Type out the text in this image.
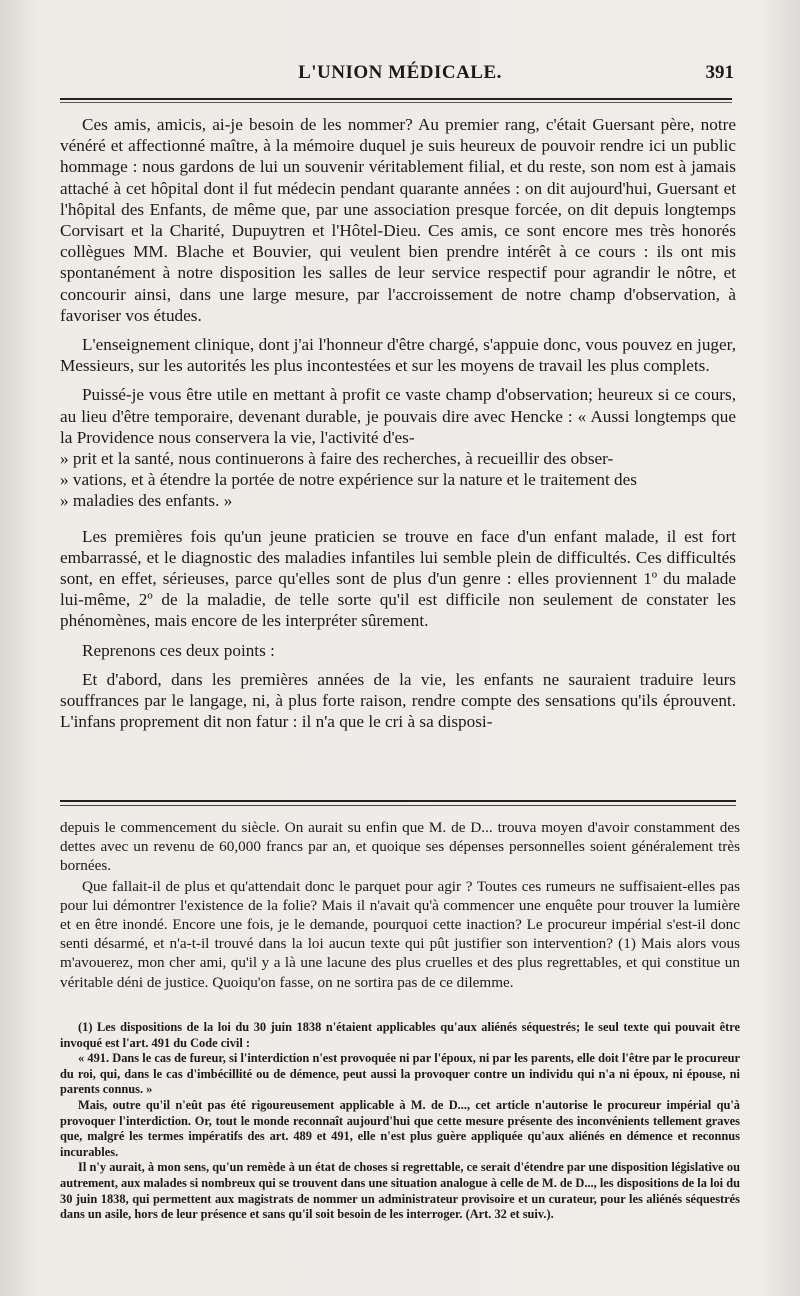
L'UNION MÉDICALE.	391

Ces amis, amicis, ai-je besoin de les nommer? Au premier rang, c'était Guersant père, notre vénéré et affectionné maître, à la mémoire duquel je suis heureux de pouvoir rendre ici un public hommage : nous gardons de lui un souvenir véritablement filial, et du reste, son nom est à jamais attaché à cet hôpital dont il fut médecin pendant quarante années : on dit aujourd'hui, Guersant et l'hôpital des Enfants, de même que, par une association presque forcée, on dit depuis longtemps Corvisart et la Charité, Dupuytren et l'Hôtel-Dieu. Ces amis, ce sont encore mes très honorés collègues MM. Blache et Bouvier, qui veulent bien prendre intérêt à ce cours : ils ont mis spontanément à notre disposition les salles de leur service respectif pour agrandir le nôtre, et concourir ainsi, dans une large mesure, par l'accroissement de notre champ d'observation, à favoriser vos études.

L'enseignement clinique, dont j'ai l'honneur d'être chargé, s'appuie donc, vous pouvez en juger, Messieurs, sur les autorités les plus incontestées et sur les moyens de travail les plus complets.

Puissé-je vous être utile en mettant à profit ce vaste champ d'observation; heureux si ce cours, au lieu d'être temporaire, devenant durable, je pouvais dire avec Hencke : « Aussi longtemps que la Providence nous conservera la vie, l'activité d'es-

» prit et la santé, nous continuerons à faire des recherches, à recueillir des obser-

» vations, et à étendre la portée de notre expérience sur la nature et le traitement des

» maladies des enfants. »

Les premières fois qu'un jeune praticien se trouve en face d'un enfant malade, il est fort embarrassé, et le diagnostic des maladies infantiles lui semble plein de difficultés. Ces difficultés sont, en effet, sérieuses, parce qu'elles sont de plus d'un genre : elles proviennent 1º du malade lui-même, 2º de la maladie, de telle sorte qu'il est difficile non seulement de constater les phénomènes, mais encore de les interpréter sûrement.

Reprenons ces deux points :

Et d'abord, dans les premières années de la vie, les enfants ne sauraient traduire leurs souffrances par le langage, ni, à plus forte raison, rendre compte des sensations qu'ils éprouvent. L'infans proprement dit non fatur : il n'a que le cri à sa disposi-

depuis le commencement du siècle. On aurait su enfin que M. de D... trouva moyen d'avoir constamment des dettes avec un revenu de 60,000 francs par an, et quoique ses dépenses personnelles soient généralement très bornées.

Que fallait-il de plus et qu'attendait donc le parquet pour agir ? Toutes ces rumeurs ne suffisaient-elles pas pour lui démontrer l'existence de la folie? Mais il n'avait qu'à commencer une enquête pour trouver la lumière et en être inondé. Encore une fois, je le demande, pourquoi cette inaction? Le procureur impérial s'est-il donc senti désarmé, et n'a-t-il trouvé dans la loi aucun texte qui pût justifier son intervention? (1) Mais alors vous m'avouerez, mon cher ami, qu'il y a là une lacune des plus cruelles et des plus regrettables, et qui constitue un véritable déni de justice. Quoiqu'on fasse, on ne sortira pas de ce dilemme.

(1) Les dispositions de la loi du 30 juin 1838 n'étaient applicables qu'aux aliénés séquestrés; le seul texte qui pouvait être invoqué est l'art. 491 du Code civil :

« 491. Dans le cas de fureur, si l'interdiction n'est provoquée ni par l'époux, ni par les parents, elle doit l'être par le procureur du roi, qui, dans le cas d'imbécillité ou de démence, peut aussi la provoquer contre un individu qui n'a ni époux, ni épouse, ni parents connus. »

Mais, outre qu'il n'eût pas été rigoureusement applicable à M. de D..., cet article n'autorise le procureur impérial qu'à provoquer l'interdiction. Or, tout le monde reconnaît aujourd'hui que cette mesure présente des inconvénients tellement graves que, malgré les termes impératifs des art. 489 et 491, elle n'est plus guère appliquée qu'aux aliénés en démence et reconnus incurables.

Il n'y aurait, à mon sens, qu'un remède à un état de choses si regrettable, ce serait d'étendre par une disposition législative ou autrement, aux malades si nombreux qui se trouvent dans une situation analogue à celle de M. de D..., les dispositions de la loi du 30 juin 1838, qui permettent aux magistrats de nommer un administrateur provisoire et un curateur, pour les aliénés séquestrés dans un asile, hors de leur présence et sans qu'il soit besoin de les interroger. (Art. 32 et suiv.).
